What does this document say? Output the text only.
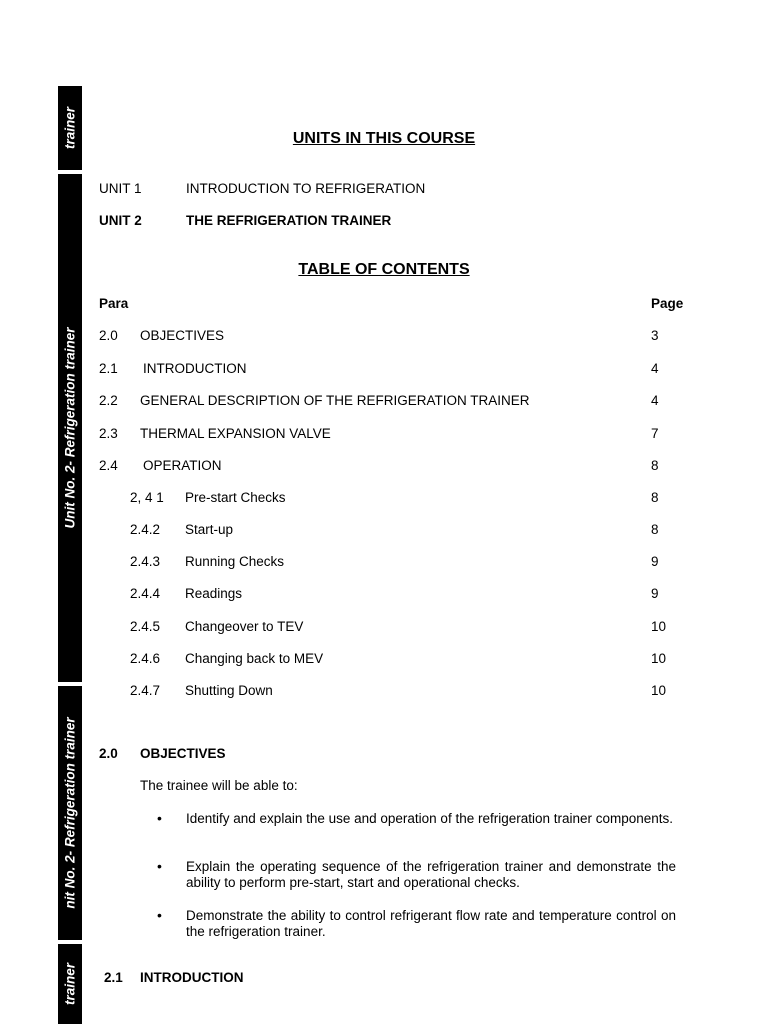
trainer
Unit No. 2- Refrigeration trainer
nit No. 2- Refrigeration trainer
trainer
UNITS IN THIS COURSE
UNIT 1	INTRODUCTION TO REFRIGERATION
UNIT 2	THE REFRIGERATION TRAINER
TABLE OF CONTENTS
Para	Page
2.0 OBJECTIVES	3
2.1 INTRODUCTION	4
2.2 GENERAL DESCRIPTION OF THE REFRIGERATION TRAINER	4
2.3 THERMAL EXPANSION VALVE	7
2.4 OPERATION	8
2, 4 1 Pre-start Checks	8
2.4.2 Start-up	8
2.4.3 Running Checks	9
2.4.4 Readings	9
2.4.5 Changeover to TEV	10
2.4.6 Changing back to MEV	10
2.4.7 Shutting Down	10
2.0 OBJECTIVES
The trainee will be able to:
• Identify and explain the use and operation of the refrigeration trainer components.
• Explain the operating sequence of the refrigeration trainer and demonstrate the ability to perform pre-start, start and operational checks.
• Demonstrate the ability to control refrigerant flow rate and temperature control on the refrigeration trainer.
2.1 INTRODUCTION
